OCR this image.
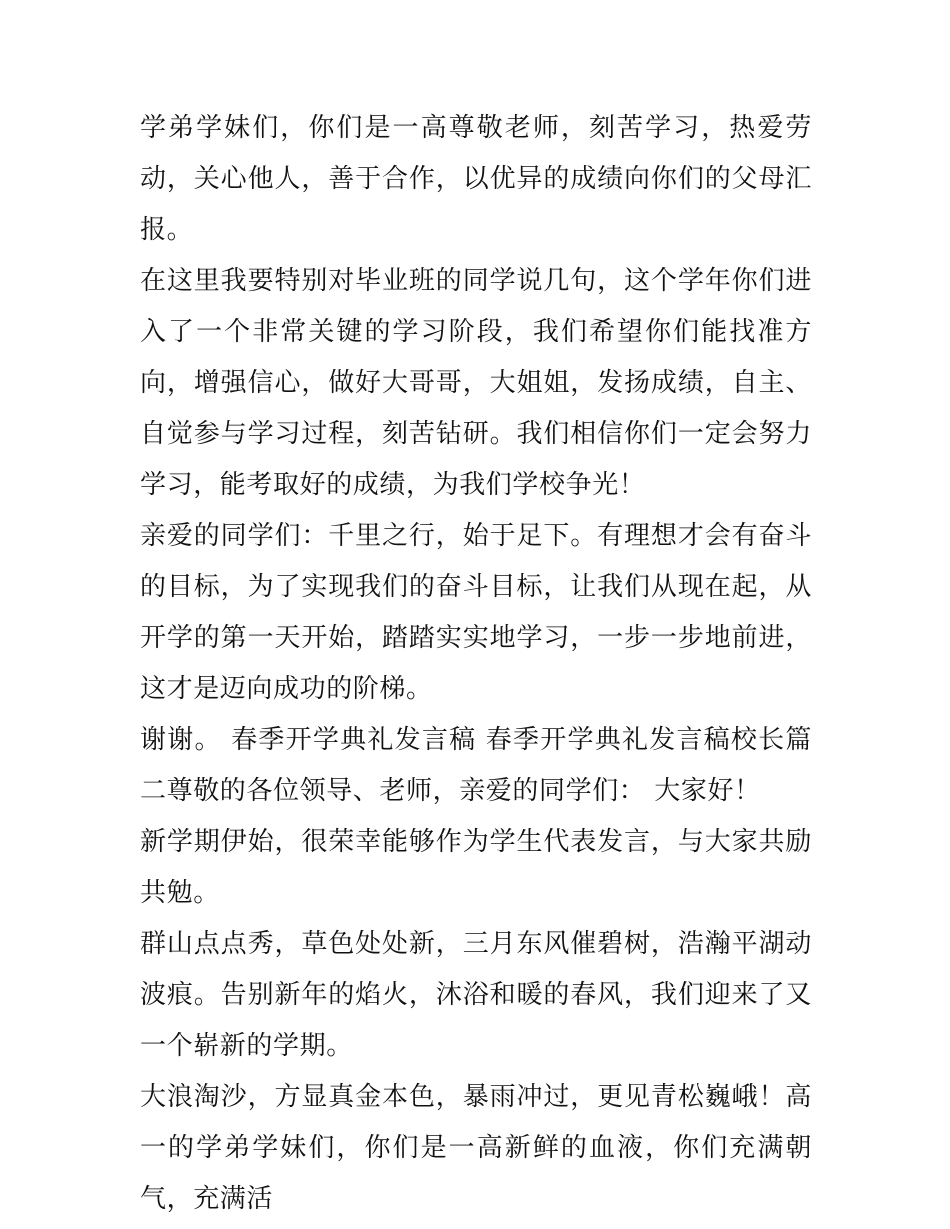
学弟学妹们，你们是一高尊敬老师，刻苦学习，热爱劳动，关心他人，善于合作，以优异的成绩向你们的父母汇报。

在这里我要特别对毕业班的同学说几句，这个学年你们进入了一个非常关键的学习阶段，我们希望你们能找准方向，增强信心，做好大哥哥，大姐姐，发扬成绩，自主、自觉参与学习过程，刻苦钻研。我们相信你们一定会努力学习，能考取好的成绩，为我们学校争光！

亲爱的同学们：千里之行，始于足下。有理想才会有奋斗的目标，为了实现我们的奋斗目标，让我们从现在起，从开学的第一天开始，踏踏实实地学习，一步一步地前进，这才是迈向成功的阶梯。

谢谢。 春季开学典礼发言稿 春季开学典礼发言稿校长篇二尊敬的各位领导、老师，亲爱的同学们： 大家好！

新学期伊始，很荣幸能够作为学生代表发言，与大家共励共勉。

群山点点秀，草色处处新，三月东风催碧树，浩瀚平湖动波痕。告别新年的焰火，沐浴和暖的春风，我们迎来了又一个崭新的学期。

大浪淘沙，方显真金本色，暴雨冲过，更见青松巍峨！高一的学弟学妹们，你们是一高新鲜的血液，你们充满朝气，充满活
